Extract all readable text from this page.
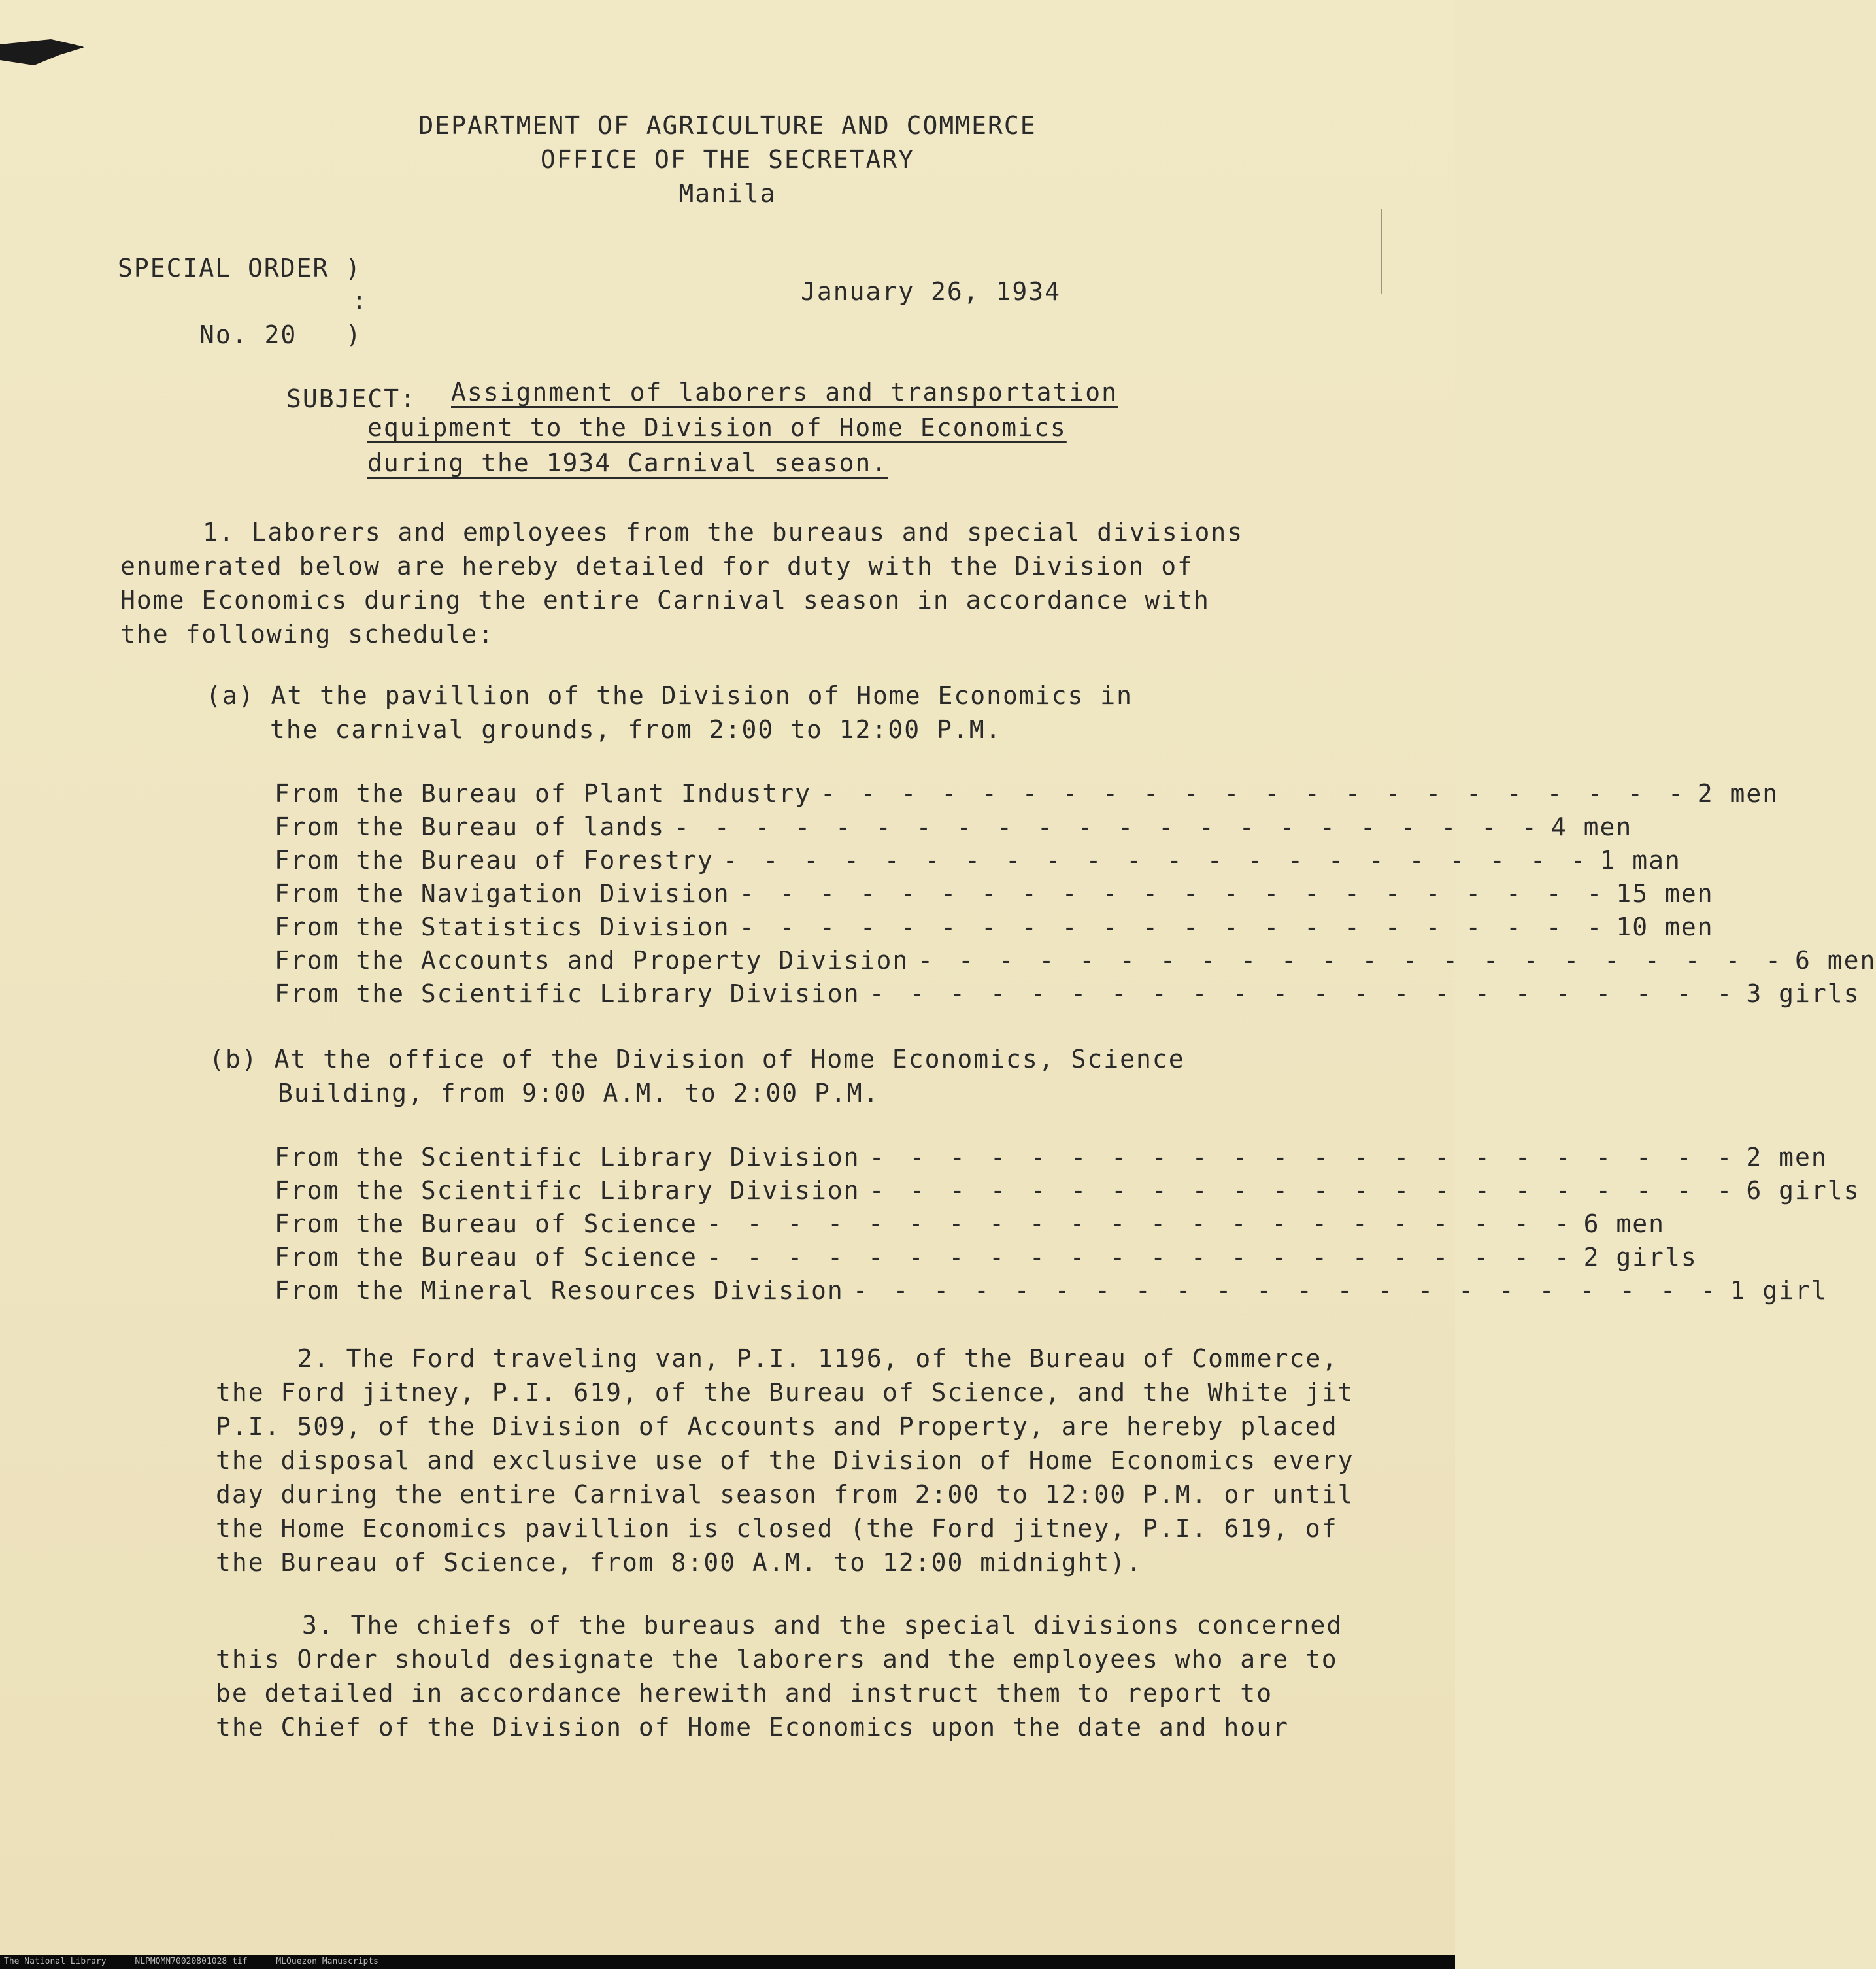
DEPARTMENT OF AGRICULTURE AND COMMERCE
OFFICE OF THE SECRETARY
Manila
SPECIAL ORDER )
:
No. 20   )
January 26, 1934
SUBJECT: Assignment of laborers and transportation
equipment to the Division of Home Economics
during the 1934 Carnival season.
1. Laborers and employees from the bureaus and special divisions
enumerated below are hereby detailed for duty with the Division of
Home Economics during the entire Carnival season in accordance with
the following schedule:
(a) At the pavillion of the Division of Home Economics in
the carnival grounds, from 2:00 to 12:00 P.M.
From the Bureau of Plant Industry - - - - - - - - - - - - - - - - - - - - - - 2 men
From the Bureau of lands - - - - - - - - - - - - - - - - - - - - - - 4 men
From the Bureau of Forestry - - - - - - - - - - - - - - - - - - - - - - 1 man
From the Navigation Division - - - - - - - - - - - - - - - - - - - - - - 15 men
From the Statistics Division - - - - - - - - - - - - - - - - - - - - - - 10 men
From the Accounts and Property Division - - - - - - - - - - - - - - - - - - - - - - 6 men
From the Scientific Library Division - - - - - - - - - - - - - - - - - - - - - - 3 girls
(b) At the office of the Division of Home Economics, Science
Building, from 9:00 A.M. to 2:00 P.M.
From the Scientific Library Division - - - - - - - - - - - - - - - - - - - - - - 2 men
From the Scientific Library Division - - - - - - - - - - - - - - - - - - - - - - 6 girls
From the Bureau of Science - - - - - - - - - - - - - - - - - - - - - - 6 men
From the Bureau of Science - - - - - - - - - - - - - - - - - - - - - - 2 girls
From the Mineral Resources Division - - - - - - - - - - - - - - - - - - - - - - 1 girl
2. The Ford traveling van, P.I. 1196, of the Bureau of Commerce,
the Ford jitney, P.I. 619, of the Bureau of Science, and the White jit
P.I. 509, of the Division of Accounts and Property, are hereby placed
the disposal and exclusive use of the Division of Home Economics every
day during the entire Carnival season from 2:00 to 12:00 P.M. or until
the Home Economics pavillion is closed (the Ford jitney, P.I. 619, of
the Bureau of Science, from 8:00 A.M. to 12:00 midnight).
3. The chiefs of the bureaus and the special divisions concerned
this Order should designate the laborers and the employees who are to
be detailed in accordance herewith and instruct them to report to
the Chief of the Division of Home Economics upon the date and hour
The National Library	NLPMQMN70020801028 tif	MLQuezon Manuscripts
